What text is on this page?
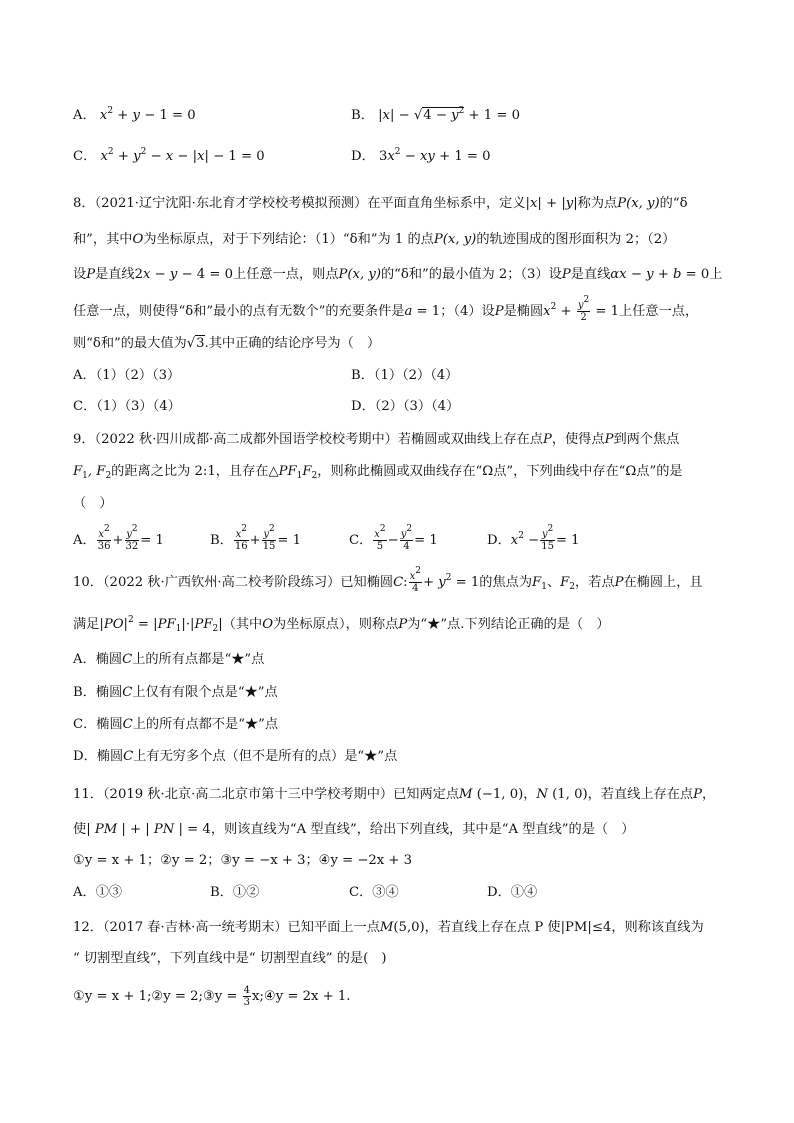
A． $x^2 + y - 1 = 0$	B． $|x| - √4 - y^2 + 1 = 0$
C． $x^2 + y^2 - x - |x| - 1 = 0$	D． $3x^2$ − xy + 1 = 0
8．（2021·辽宁沈阳·东北育才学校校考模拟预测）在平面直角坐标系中，定义|x| + |y|称为点P(x, y)的“δ
和”，其中O为坐标原点，对于下列结论：（1）“δ和”为 1 的点P(x, y)的轨迹围成的图形面积为 2；（2）
设P是直线2x − y − 4 = 0上任意一点，则点P(x, y)的“δ和”的最小值为 2；（3）设P是直线αx − y + b = 0上
任意一点，则使得“δ和”最小的点有无数个”的充要条件是a = 1；（4）设P是椭圆$x^2 + \frac{y^2}{2} = 1$上任意一点，
则“δ和”的最大值为√3.其中正确的结论序号为（　）
A．（1）（2）（3）	B．（1）（2）（4）
C．（1）（3）（4）	D．（2）（3）（4）
9．（2022 秋·四川成都·高二成都外国语学校校考期中）若椭圆或双曲线上存在点P，使得点P到两个焦点
$F_1$, $F_2$的距离之比为 2:1，且存在$\triangle PF_1F_2$，则称此椭圆或双曲线存在“Ω点”，下列曲线中存在“Ω点”的是
（　）
A． $\frac{x^2}{36} + \frac{y^2}{32} = 1$	B． $\frac{x^2}{16} + \frac{y^2}{15} = 1$	C． $\frac{x^2}{5} - \frac{y^2}{4} = 1$	D．$x^2 - \frac{y^2}{15} = 1$
10．（2022 秋·广西钦州·高二校考阶段练习）已知椭圆C: $\frac{x^2}{4} + y^2 = 1$的焦点为$F_1$、$F_2$，若点P在椭圆上，且
满足$|PO|^2 = |PF_1|\cdot|PF_2|$（其中O为坐标原点），则称点P为“★”点.下列结论正确的是（　）
A．椭圆C上的所有点都是“★”点
B．椭圆C上仅有有限个点是“★”点
C．椭圆C上的所有点都不是“★”点
D．椭圆C上有无穷多个点（但不是所有的点）是“★”点
11．（2019 秋·北京·高二北京市第十三中学校考期中）已知两定点M (−1, 0)，N (1, 0)，若直线上存在点P，
使| PM | + | PN | = 4，则该直线为“A 型直线”，给出下列直线，其中是“A 型直线”的是（　）
①y = x + 1；②y = 2；③y = −x + 3；④y = −2x + 3
A．①③	B．①②	C．③④	D．①④
12．（2017 春·吉林·高一统考期末）已知平面上一点M(5,0)，若直线上存在点 P 使|PM|≤4，则称该直线为
“ 切割型直线”，下列直线中是“ 切割型直线” 的是(　)
①y = x + 1;②y = 2;③y = $\frac{4}{3}$ x;④y = 2x + 1.
